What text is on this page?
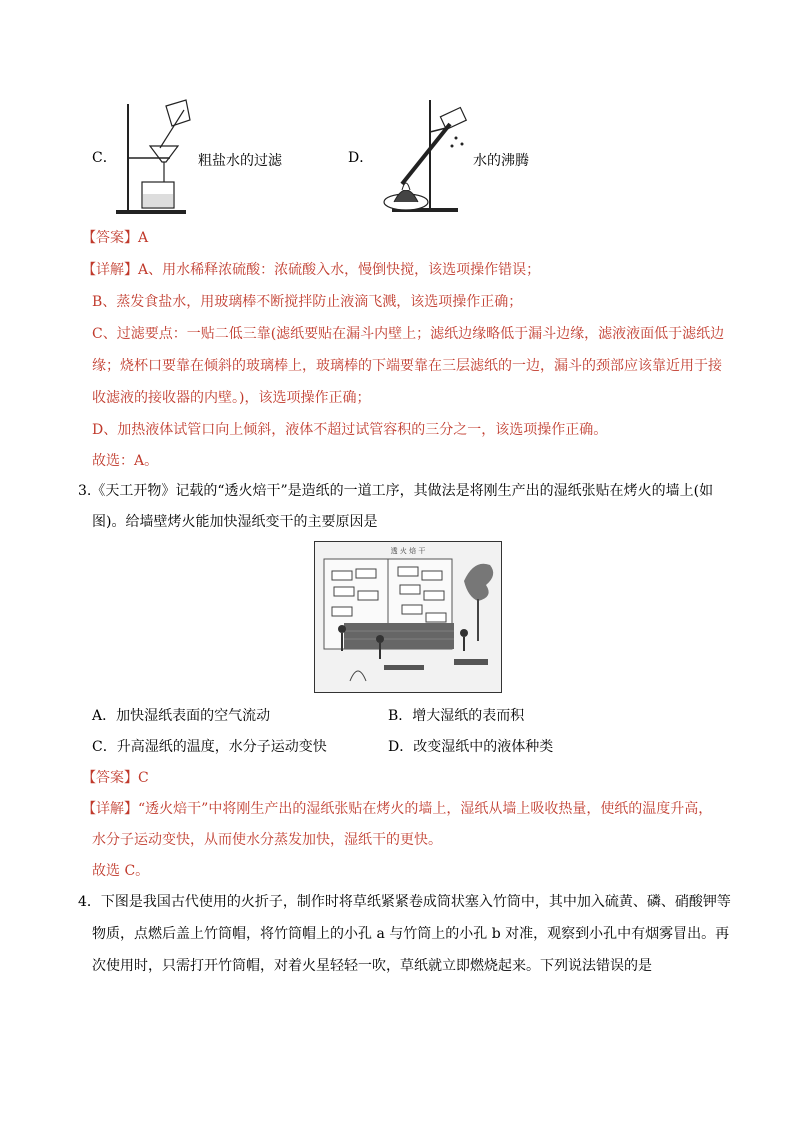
C．	粗盐水的过滤	D．	水的沸腾
【答案】A
【详解】A、用水稀释浓硫酸：浓硫酸入水，慢倒快搅，该选项操作错误；
B、蒸发食盐水，用玻璃棒不断搅拌防止液滴飞溅，该选项操作正确；
C、过滤要点：一贴二低三靠(滤纸要贴在漏斗内壁上；滤纸边缘略低于漏斗边缘，滤液液面低于滤纸边
缘；烧杯口要靠在倾斜的玻璃棒上，玻璃棒的下端要靠在三层滤纸的一边，漏斗的颈部应该靠近用于接
收滤液的接收器的内壁。)，该选项操作正确；
D、加热液体试管口向上倾斜，液体不超过试管容积的三分之一，该选项操作正确。
故选：A。
3.《天工开物》记载的“透火焙干”是造纸的一道工序，其做法是将刚生产出的湿纸张贴在烤火的墙上(如
图)。给墙壁烤火能加快湿纸变干的主要原因是
透 火 焙 干
A．加快湿纸表面的空气流动	B．增大湿纸的表而积
C．升高湿纸的温度，水分子运动变快	D．改变湿纸中的液体种类
【答案】C
【详解】“透火焙干”中将刚生产出的湿纸张贴在烤火的墙上，湿纸从墙上吸收热量，使纸的温度升高，
水分子运动变快，从而使水分蒸发加快，湿纸干的更快。
故选 C。
4．下图是我国古代使用的火折子，制作时将草纸紧紧卷成筒状塞入竹筒中，其中加入硫黄、磷、硝酸钾等
物质，点燃后盖上竹筒帽，将竹筒帽上的小孔 a 与竹筒上的小孔 b 对准，观察到小孔中有烟雾冒出。再
次使用时，只需打开竹筒帽，对着火星轻轻一吹，草纸就立即燃烧起来。下列说法错误的是
